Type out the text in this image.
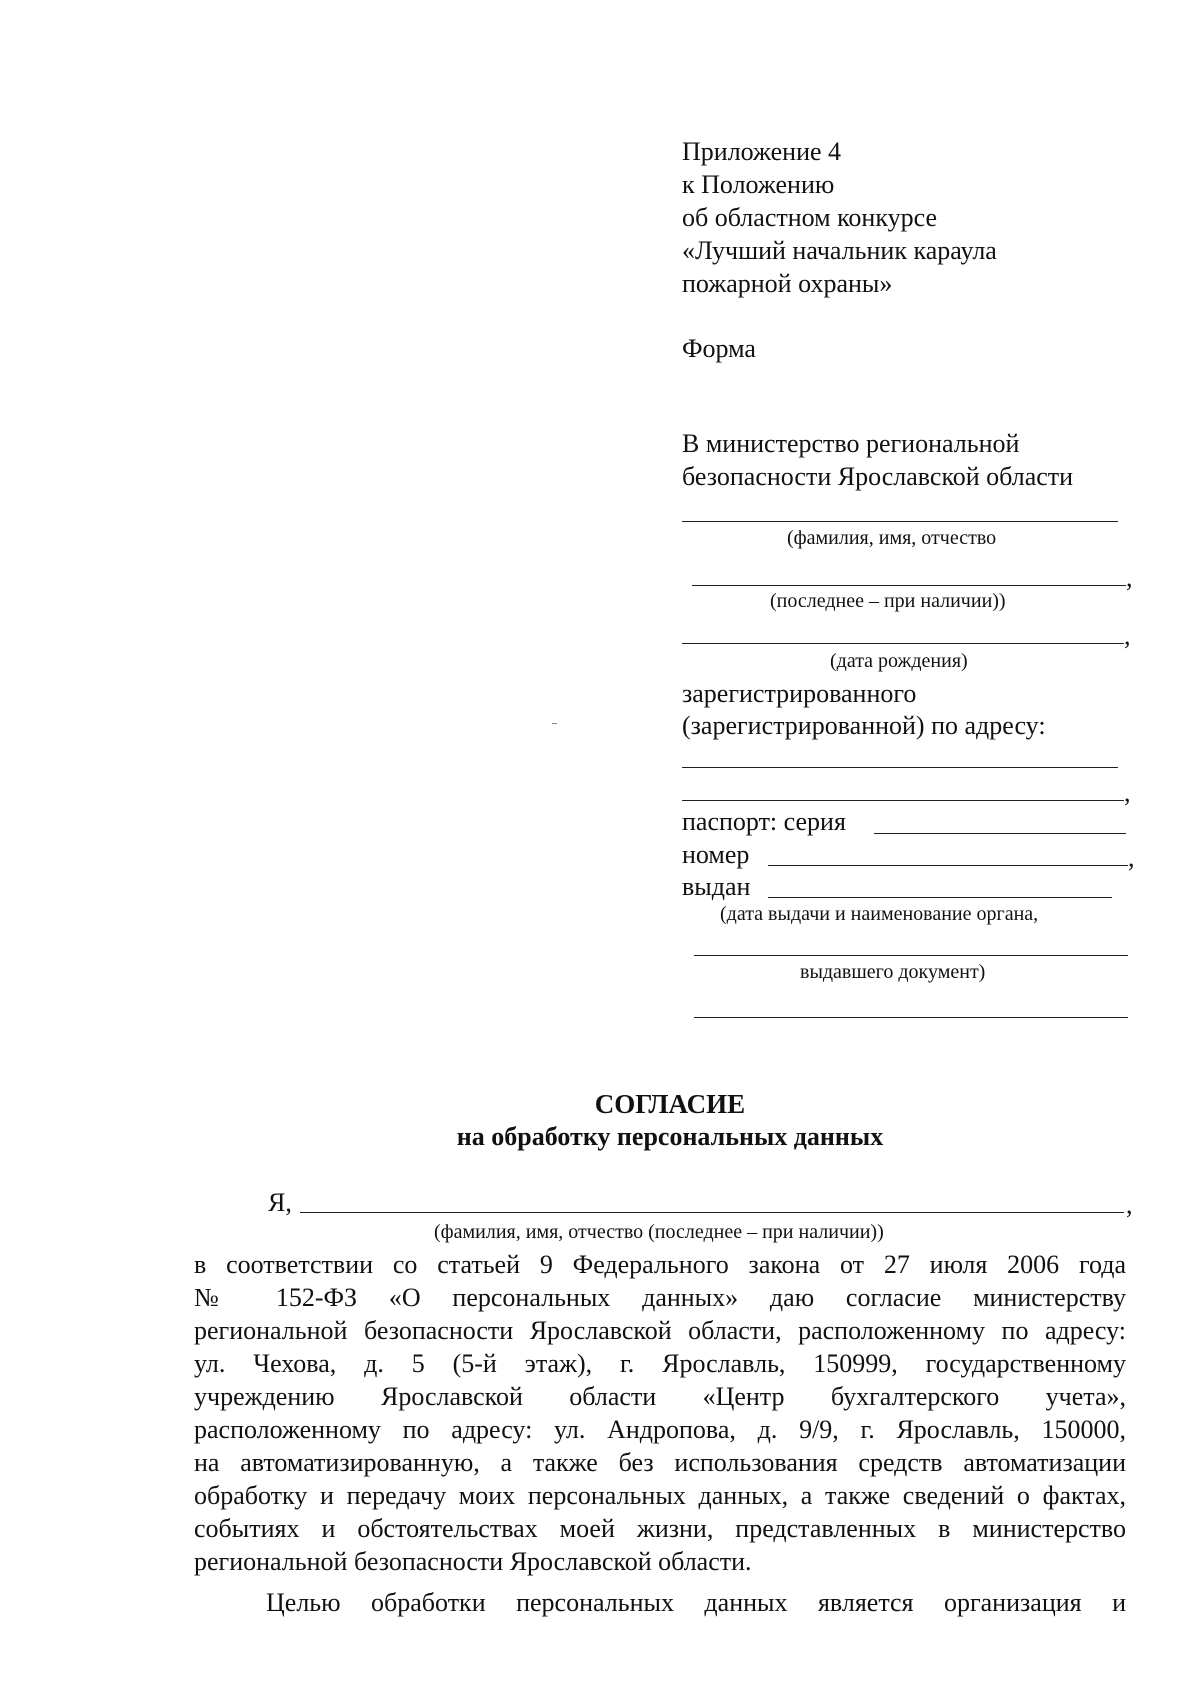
Приложение 4
к Положению
об областном конкурсе
«Лучший начальник караула
пожарной охраны»
Форма
В министерство региональной
безопасности Ярославской области
(фамилия, имя, отчество
,
(последнее – при наличии))
,
(дата рождения)
зарегистрированного
(зарегистрированной) по адресу:
,
паспорт: серия
номер	,
выдан
(дата выдачи и наименование органа,
выдавшего документ)
СОГЛАСИЕ
на обработку персональных данных
Я,	,
(фамилия, имя, отчество (последнее – при наличии))
в соответствии со статьей 9 Федерального закона от 27 июля 2006 года
№ 152-ФЗ «О персональных данных» даю согласие министерству
региональной безопасности Ярославской области, расположенному по адресу:
ул. Чехова, д. 5 (5-й этаж), г. Ярославль, 150999, государственному
учреждению Ярославской области «Центр бухгалтерского учета»,
расположенному по адресу: ул. Андропова, д. 9/9, г. Ярославль, 150000,
на автоматизированную, а также без использования средств автоматизации
обработку и передачу моих персональных данных, а также сведений о фактах,
событиях и обстоятельствах моей жизни, представленных в министерство
региональной безопасности Ярославской области.
Целью обработки персональных данных является организация и
